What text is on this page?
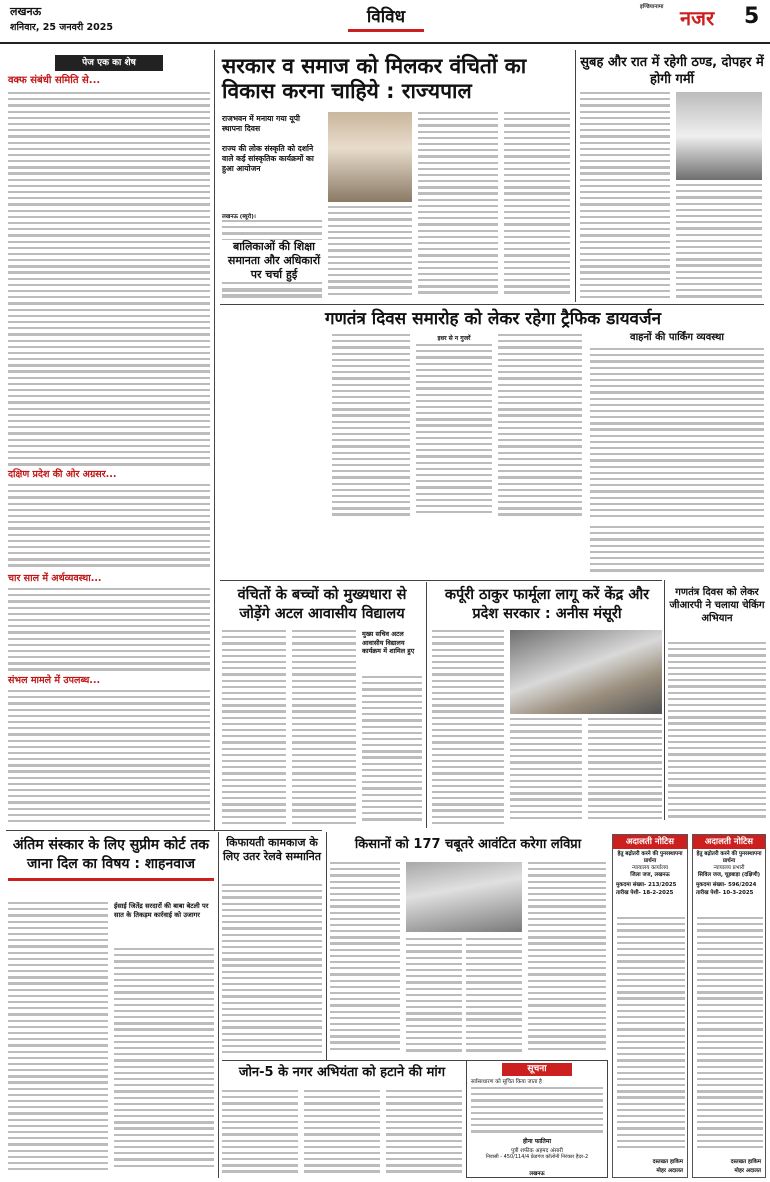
लखनऊ
शनिवार, 25 जनवरी 2025
विविध	इण्डियानामा नजर 5
पेज एक का शेष
वक्फ संबंधी समिति से...
दक्षिण प्रदेश की ओर अग्रसर...
चार साल में अर्थव्यवस्था...
संभल मामले में उपलब्ध...
सरकार व समाज को मिलकर वंचितों का विकास करना चाहिये : राज्यपाल
राजभवन में मनाया गया यूपी स्थापना दिवस
राज्य की लोक संस्कृति को दर्शाने वाले कई सांस्कृतिक कार्यक्रमों का हुआ आयोजन
लखनऊ (ब्यूरो)।
बालिकाओं की शिक्षा समानता और अधिकारों पर चर्चा हुई
सुबह और रात में रहेगी ठण्ड, दोपहर में होगी गर्मी
गणतंत्र दिवस समारोह को लेकर रहेगा ट्रैफिक डायवर्जन
इधर से न गुजरें	वाहनों की पार्किंग व्यवस्था
गणतंत्र दिवस को लेकर जीआरपी ने चलाया चेकिंग अभियान
वंचितों के बच्चों को मुख्यधारा से जोड़ेंगे अटल आवासीय विद्यालय
मुख्य सचिव अटल आवासीय विद्यालय कार्यक्रम में शामिल हुए
कर्पूरी ठाकुर फार्मूला लागू करें केंद्र और प्रदेश सरकार : अनीस मंसूरी
अंतिम संस्कार के लिए सुप्रीम कोर्ट तक जाना दिल का विषय : शाहनवाज
ईसाई जितेंद्र सरदारों की बाबा बेटली पर सात के तिकड़म कार्रवाई को उजागर
किफायती कामकाज के लिए उतर रेलवे सम्मानित
किसानों को 177 चबूतरे आवंटित करेगा लविप्रा
जोन-5 के नगर अभियंता को हटाने की मांग	सूचना
सर्वसाधारण को सूचित किया जाता है
हीना फातिमा
पुत्री शफीक अहमद अंसारी
निवासी - 450/114/4 फ्रेडगंज कॉलोनी निरंकार हैदर-2
लखनऊ
अदालती नोटिस
हेतु बढ़ोतरी करने की पुनरस्थापना प्रार्थना
न्यायालय कार्यालय
जिला जज, लखनऊ
मुकदमा संख्या- 213/2025
तारीख पेशी- 18-2-2025
दस्तखत हाकिम
मोहर अदालत
अदालती नोटिस
हेतु बढ़ोतरी करने की पुनरस्थापना प्रार्थना
न्यायालय प्रभारी
सिविल जज, चूड़बाड़ा (दक्षिणी)
मुकदमा संख्या- 596/2024
तारीख पेशी- 10-3-2025
दस्तखत हाकिम
मोहर अदालत
